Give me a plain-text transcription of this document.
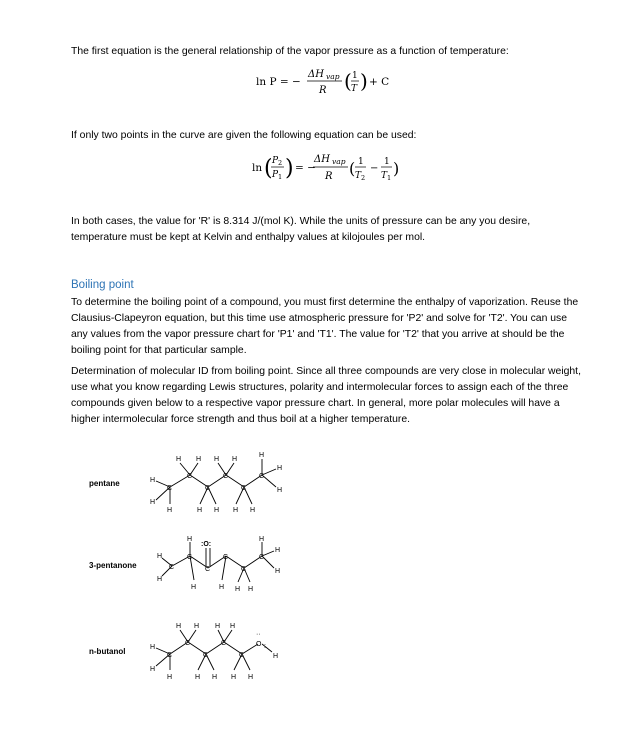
The first equation is the general relationship of the vapor pressure as a function of temperature:

ln P = −
ΔH vap
R ( 1
T ) + C

If only two points in the curve are given the following equation can be used:

ln ( P 2
P 1 ) = −
ΔH vap
R ( 1
T 2
−
1
T 1 )

In both cases, the value for 'R' is 8.314 J/(mol K). While the units of pressure can be any you desire, temperature must be kept at Kelvin and enthalpy values at kilojoules per mol.

Boiling point

To determine the boiling point of a compound, you must first determine the enthalpy of vaporization. Reuse the Clausius-Clapeyron equation, but this time use atmospheric pressure for 'P2' and solve for 'T2'. You can use any values from the vapor pressure chart for 'P1' and 'T1'. The value for 'T2' that you arrive at should be the boiling point for that particular sample.

Determination of molecular ID from boiling point. Since all three compounds are very close in molecular weight, use what you know regarding Lewis structures, polarity and intermolecular forces to assign each of the three compounds given below to a respective vapor pressure chart. In general, more polar molecules will have a higher intermolecular force strength and thus boil at a higher temperature.

pentane
3-pentanone
n-butanol
C
C
C
C
C
C
H
H
H
H H
H H
H H
H H
H
H
H
C
C
C
C
C
C
:O:
H
H
H
H	H H H
H
H
H
C
C
C
C
C
O
··
:
H
H
H
H H
H H
H H
H H
H
